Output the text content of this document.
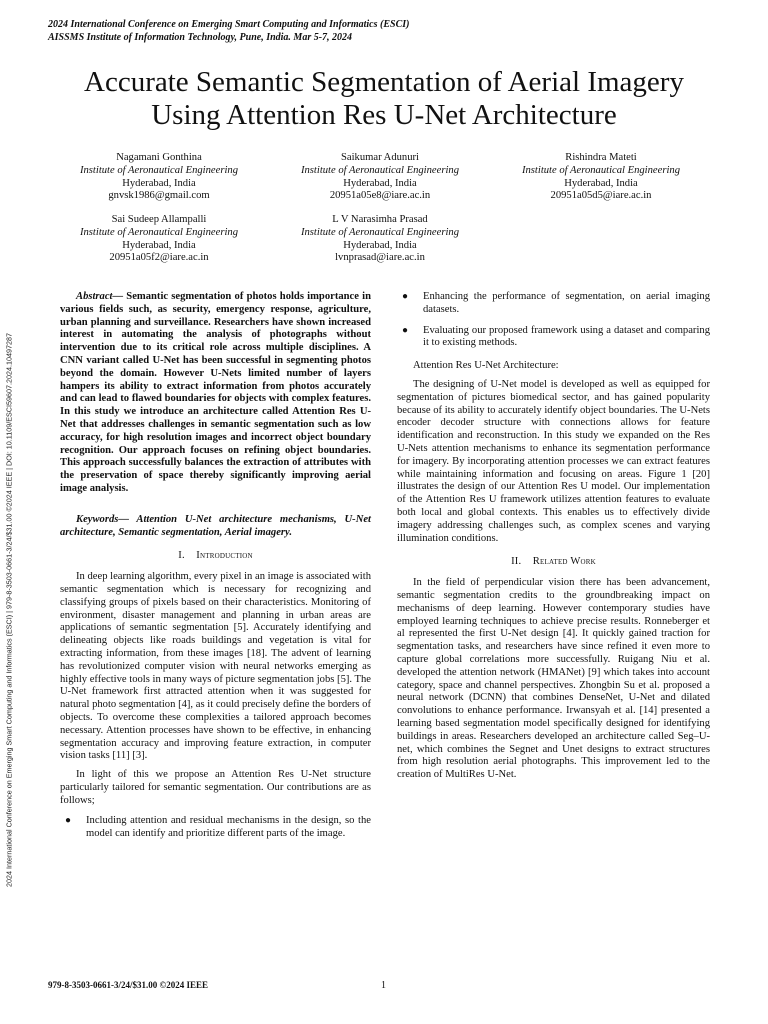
2024 International Conference on Emerging Smart Computing and Informatics (ESCI)
AISSMS Institute of Information Technology, Pune, India. Mar 5-7, 2024
Accurate Semantic Segmentation of Aerial Imagery
Using Attention Res U-Net Architecture
Nagamani Gonthina
Institute of Aeronautical Engineering
Hyderabad, India
gnvsk1986@gmail.com
Saikumar Adunuri
Institute of Aeronautical Engineering
Hyderabad, India
20951a05e8@iare.ac.in
Rishindra Mateti
Institute of Aeronautical Engineering
Hyderabad, India
20951a05d5@iare.ac.in
Sai Sudeep Allampalli
Institute of Aeronautical Engineering
Hyderabad, India
20951a05f2@iare.ac.in
L V Narasimha Prasad
Institute of Aeronautical Engineering
Hyderabad, India
lvnprasad@iare.ac.in
2024 International Conference on Emerging Smart Computing and Informatics (ESCI) | 979-8-3503-0661-3/24/$31.00 ©2024 IEEE | DOI: 10.1109/ESCI59607.2024.10497287

Abstract— Semantic segmentation of photos holds importance in various fields such, as security, emergency response, agriculture, urban planning and surveillance. Researchers have shown increased interest in automating the analysis of photographs without intervention due to its critical role across multiple disciplines. A CNN variant called U-Net has been successful in segmenting photos beyond the domain. However U-Nets limited number of layers hampers its ability to extract information from photos accurately and can lead to flawed boundaries for objects with complex features. In this study we introduce an architecture called Attention Res U-Net that addresses challenges in semantic segmentation such as low accuracy, for high resolution images and incorrect object boundary recognition. Our approach focuses on refining object boundaries. This approach successfully balances the extraction of attributes with the preservation of space thereby significantly improving aerial image analysis.

Keywords— Attention U-Net architecture mechanisms, U-Net architecture, Semantic segmentation, Aerial imagery.

I. Introduction

In deep learning algorithm, every pixel in an image is associated with semantic segmentation which is necessary for recognizing and classifying groups of pixels based on their characteristics. Monitoring of environment, disaster management and planning in urban areas are applications of semantic segmentation [5]. Accurately identifying and delineating objects like roads buildings and vegetation is vital for extracting information, from these images [18]. The advent of learning has revolutionized computer vision with neural networks emerging as highly effective tools in many ways of picture segmentation jobs [5]. The U-Net framework first attracted attention when it was suggested for natural photo segmentation [4], as it could precisely define the borders of objects. To overcome these complexities a tailored approach becomes necessary. Attention processes have shown to be effective, in enhancing segmentation accuracy and improving feature extraction, in computer vision tasks [11] [3].

In light of this we propose an Attention Res U-Net structure particularly tailored for semantic segmentation. Our contributions are as follows;

● Including attention and residual mechanisms in the design, so the model can identify and prioritize different parts of the image.
● Enhancing the performance of segmentation, on aerial imaging datasets.
● Evaluating our proposed framework using a dataset and comparing it to existing methods.

Attention Res U-Net Architecture:

The designing of U-Net model is developed as well as equipped for segmentation of pictures biomedical sector, and has gained popularity because of its ability to accurately identify object boundaries. The U-Nets encoder decoder structure with connections allows for feature identification and reconstruction. In this study we expanded on the Res U-Nets attention mechanisms to enhance its segmentation performance for imagery. By incorporating attention processes we can extract features while maintaining information and focusing on areas. Figure 1 [20] illustrates the design of our Attention Res U model. Our implementation of the Attention Res U framework utilizes attention features to evaluate both local and global contexts. This enables us to effectively divide imagery addressing challenges such, as complex scenes and varying illumination conditions.

II. Related Work

In the field of perpendicular vision there has been advancement, semantic segmentation credits to the groundbreaking impact on mechanisms of deep learning. However contemporary studies have employed learning techniques to achieve precise results. Ronneberger et al represented the first U-Net design [4]. It quickly gained traction for segmentation tasks, and researchers have since refined it even more to capture global correlations more successfully. Ruigang Niu et al. developed the attention network (HMANet) [9] which takes into account category, space and channel perspectives. Zhongbin Su et al. proposed a neural network (DCNN) that combines DenseNet, U-Net and dilated convolutions to enhance performance. Irwansyah et al. [14] presented a learning based segmentation model specifically designed for identifying buildings in areas. Researchers developed an architecture called Seg–U-net, which combines the Segnet and Unet designs to extract structures from high resolution aerial photographs. This improvement led to the creation of MultiRes U-Net.

979-8-3503-0661-3/24/$31.00 ©2024 IEEE	1
